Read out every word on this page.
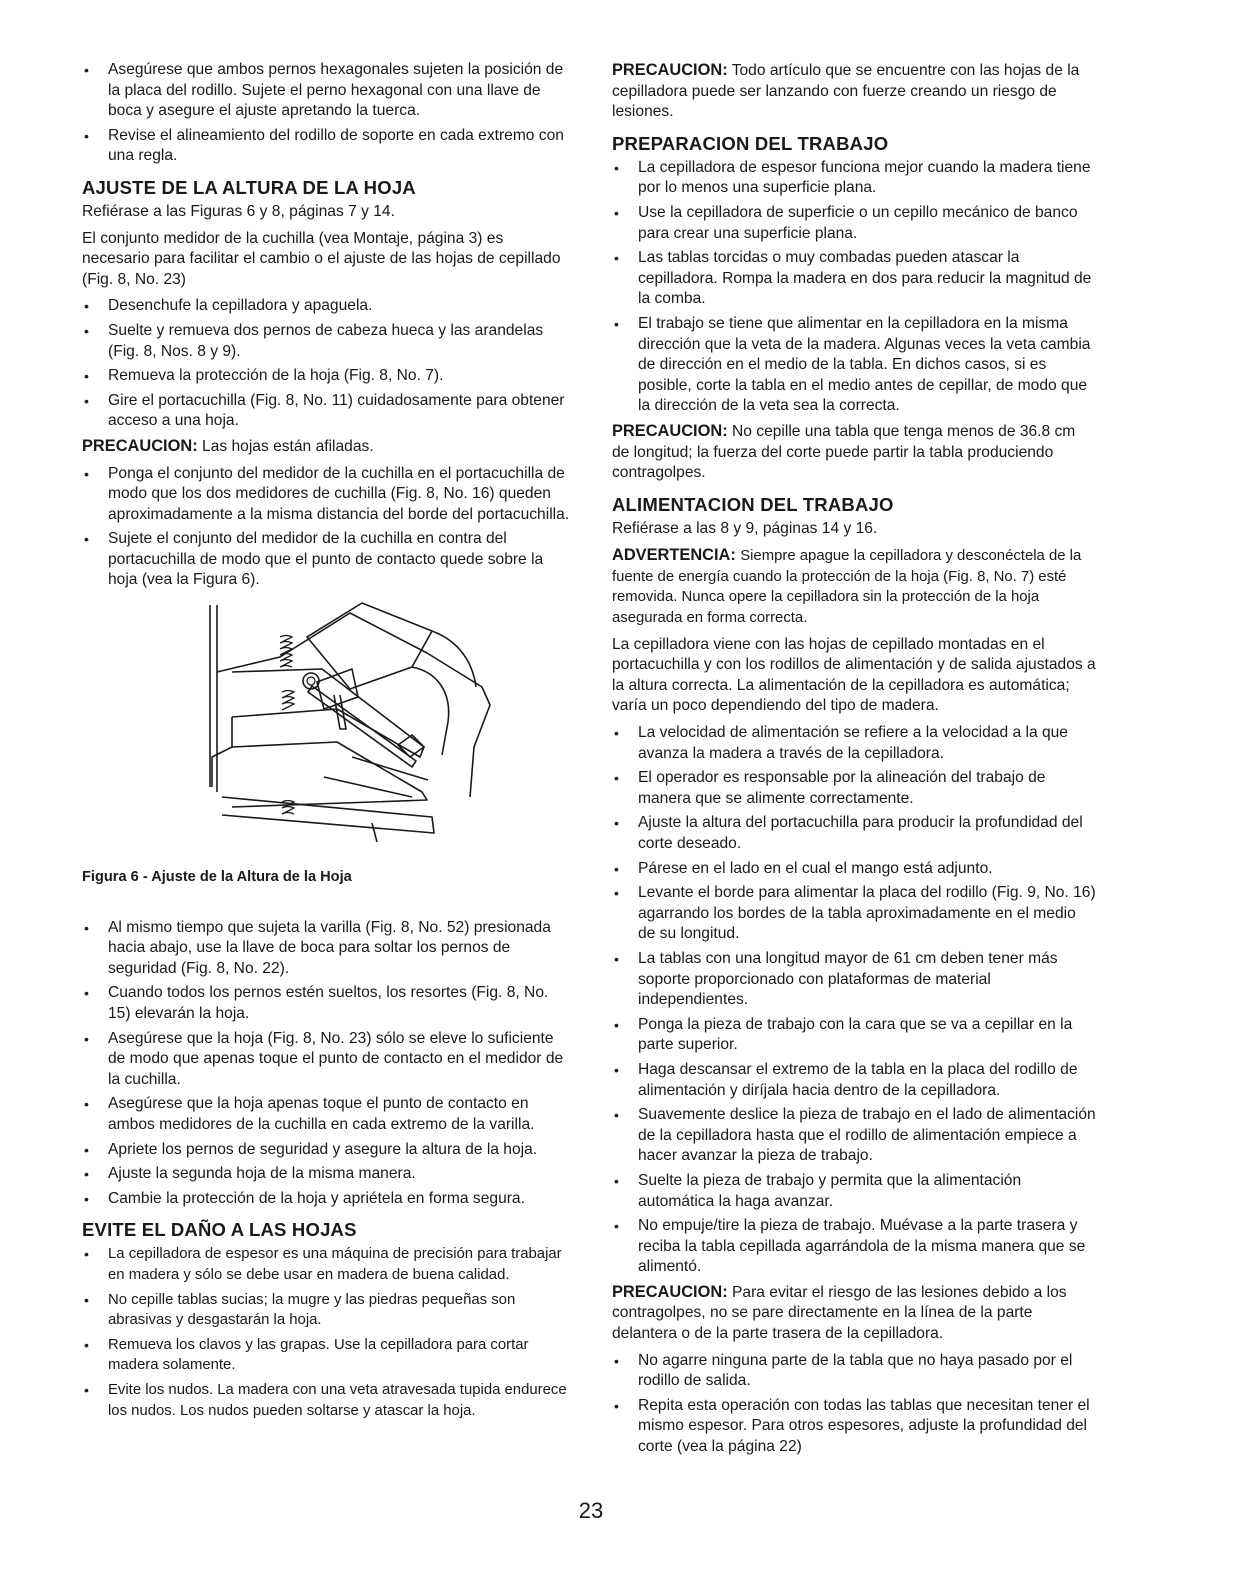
• Asegúrese que ambos pernos hexagonales sujeten la posición de la placa del rodillo. Sujete el perno hexagonal con una llave de boca y asegure el ajuste apretando la tuerca.
• Revise el alineamiento del rodillo de soporte en cada extremo con una regla.
AJUSTE DE LA ALTURA DE LA HOJA

Refiérase a las Figuras 6 y 8, páginas 7 y 14.

El conjunto medidor de la cuchilla (vea Montaje, página 3) es necesario para facilitar el cambio o el ajuste de las hojas de cepillado (Fig. 8, No. 23)

• Desenchufe la cepilladora y apaguela.
• Suelte y remueva dos pernos de cabeza hueca y las arandelas (Fig. 8, Nos. 8 y 9).
• Remueva la protección de la hoja (Fig. 8, No. 7).
• Gire el portacuchilla (Fig. 8, No. 11) cuidadosamente para obtener acceso a una hoja.

PRECAUCION: Las hojas están afiladas.

• Ponga el conjunto del medidor de la cuchilla en el portacuchilla de modo que los dos medidores de cuchilla (Fig. 8, No. 16) queden aproximadamente a la misma distancia del borde del portacuchilla.
• Sujete el conjunto del medidor de la cuchilla en contra del portacuchilla de modo que el punto de contacto quede sobre la hoja (vea la Figura 6).

Figura 6 - Ajuste de la Altura de la Hoja

• Al mismo tiempo que sujeta la varilla (Fig. 8, No. 52) presionada hacia abajo, use la llave de boca para soltar los pernos de seguridad (Fig. 8, No. 22).
• Cuando todos los pernos estén sueltos, los resortes (Fig. 8, No. 15) elevarán la hoja.
• Asegúrese que la hoja (Fig. 8, No. 23) sólo se eleve lo suficiente de modo que apenas toque el punto de contacto en el medidor de la cuchilla.
• Asegúrese que la hoja apenas toque el punto de contacto en ambos medidores de la cuchilla en cada extremo de la varilla.
• Apriete los pernos de seguridad y asegure la altura de la hoja.
• Ajuste la segunda hoja de la misma manera.
• Cambie la protección de la hoja y apriételа en forma segura.
EVITE EL DAÑO A LAS HOJAS
• La cepilladora de espesor es una máquina de precisión para trabajar en madera y sólo se debe usar en madera de buena calidad.
• No cepille tablas sucias; la mugre y las piedras pequeñas son abrasivas y desgastarán la hoja.
• Remueva los clavos y las grapas. Use la cepilladora para cortar madera solamente.
• Evite los nudos. La madera con una veta atravesada tupida endurece los nudos. Los nudos pueden soltarse y atascar la hoja.

PRECAUCION: Todo artículo que se encuentre con las hojas de la cepilladora puede ser lanzando con fuerze creando un riesgo de lesiones.

PREPARACION DEL TRABAJO
• La cepilladora de espesor funciona mejor cuando la madera tiene por lo menos una superficie plana.
• Use la cepilladora de superficie o un cepillo mecánico de banco para crear una superficie plana.
• Las tablas torcidas o muy combadas pueden atascar la cepilladora. Rompa la madera en dos para reducir la magnitud de la comba.
• El trabajo se tiene que alimentar en la cepilladora en la misma dirección que la veta de la madera. Algunas veces la veta cambia de dirección en el medio de la tabla. En dichos casos, si es posible, corte la tabla en el medio antes de cepillar, de modo que la dirección de la veta sea la correcta.

PRECAUCION: No cepille una tabla que tenga menos de 36.8 cm de longitud; la fuerza del corte puede partir la tabla produciendo contragolpes.

ALIMENTACION DEL TRABAJO

Refiérase a las 8 y 9, páginas 14 y 16.

ADVERTENCIA: Siempre apague la cepilladora y desconéctela de la fuente de energía cuando la protección de la hoja (Fig. 8, No. 7) esté removida. Nunca opere la cepilladora sin la protección de la hoja asegurada en forma correcta.

La cepilladora viene con las hojas de cepillado montadas en el portacuchilla y con los rodillos de alimentación y de salida ajustados a la altura correcta. La alimentación de la cepilladora es automática; varía un poco dependiendo del tipo de madera.

• La velocidad de alimentación se refiere a la velocidad a la que avanza la madera a través de la cepilladora.
• El operador es responsable por la alineación del trabajo de manera que se alimente correctamente.
• Ajuste la altura del portacuchilla para producir la profundidad del corte deseado.
• Párese en el lado en el cual el mango está adjunto.
• Levante el borde para alimentar la placa del rodillo (Fig. 9, No. 16) agarrando los bordes de la tabla aproximadamente en el medio de su longitud.
• La tablas con una longitud mayor de 61 cm deben tener más soporte proporcionado con plataformas de material independientes.
• Ponga la pieza de trabajo con la cara que se va a cepillar en la parte superior.
• Haga descansar el extremo de la tabla en la placa del rodillo de alimentación y diríjala hacia dentro de la cepilladora.
• Suavemente deslice la pieza de trabajo en el lado de alimentación de la cepilladora hasta que el rodillo de alimentación empiece a hacer avanzar la pieza de trabajo.
• Suelte la pieza de trabajo y permita que la alimentación automática la haga avanzar.
• No empuje/tire la pieza de trabajo. Muévase a la parte trasera y reciba la tabla cepillada agarrándola de la misma manera que se alimentó.

PRECAUCION: Para evitar el riesgo de las lesiones debido a los contragolpes, no se pare directamente en la línea de la parte delantera o de la parte trasera de la cepilladora.

• No agarre ninguna parte de la tabla que no haya pasado por el rodillo de salida.
• Repita esta operación con todas las tablas que necesitan tener el mismo espesor. Para otros espesores, adjuste la profundidad del corte (vea la página 22)
23
